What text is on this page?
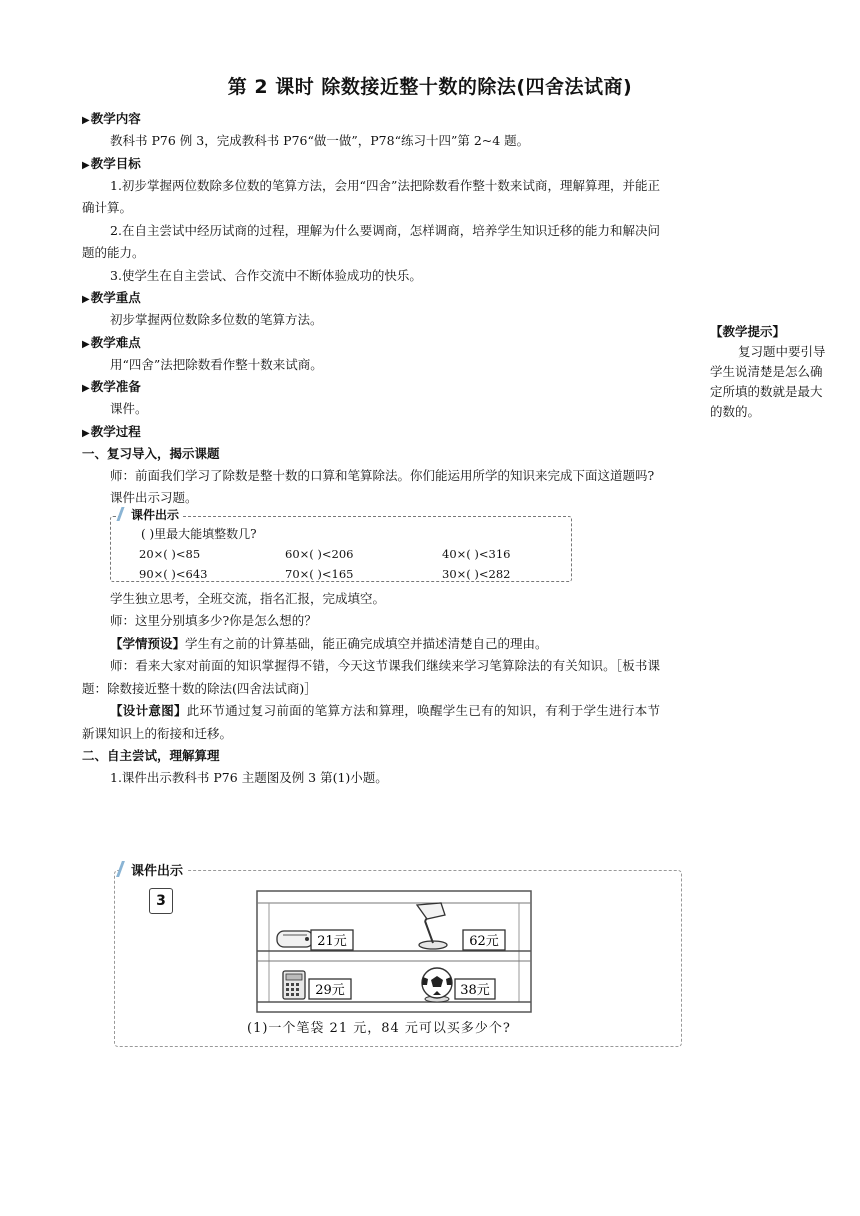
第 2 课时 除数接近整十数的除法(四舍法试商)

▶教学内容

教科书 P76 例 3，完成教科书 P76“做一做”，P78“练习十四”第 2~4 题。

▶教学目标

1.初步掌握两位数除多位数的笔算方法，会用“四舍”法把除数看作整十数来试商，理解算理，并能正确计算。

2.在自主尝试中经历试商的过程，理解为什么要调商，怎样调商，培养学生知识迁移的能力和解决问题的能力。

3.使学生在自主尝试、合作交流中不断体验成功的快乐。

▶教学重点

初步掌握两位数除多位数的笔算方法。

▶教学难点

用“四舍”法把除数看作整十数来试商。

▶教学准备

课件。

▶教学过程

一、复习导入，揭示课题

师：前面我们学习了除数是整十数的口算和笔算除法。你们能运用所学的知识来完成下面这道题吗?

课件出示习题。

课件出示
( )里最大能填整数几?
20×( )<85	60×( )<206	40×( )<316
90×( )<643	70×( )<165	30×( )<282

学生独立思考，全班交流，指名汇报，完成填空。

师：这里分别填多少?你是怎么想的？

【学情预设】学生有之前的计算基础，能正确完成填空并描述清楚自己的理由。

师：看来大家对前面的知识掌握得不错，今天这节课我们继续来学习笔算除法的有关知识。［板书课题：除数接近整十数的除法(四舍法试商)］

【设计意图】此环节通过复习前面的笔算方法和算理，唤醒学生已有的知识，有利于学生进行本节新课知识上的衔接和迁移。

二、自主尝试，理解算理

1.课件出示教科书 P76 主题图及例 3 第(1)小题。

【教学提示】

复习题中要引导学生说清楚是怎么确定所填的数就是最大的数的。

课件出示
3
21元	62元
29元	38元
(1)一个笔袋 21 元，84 元可以买多少个?
